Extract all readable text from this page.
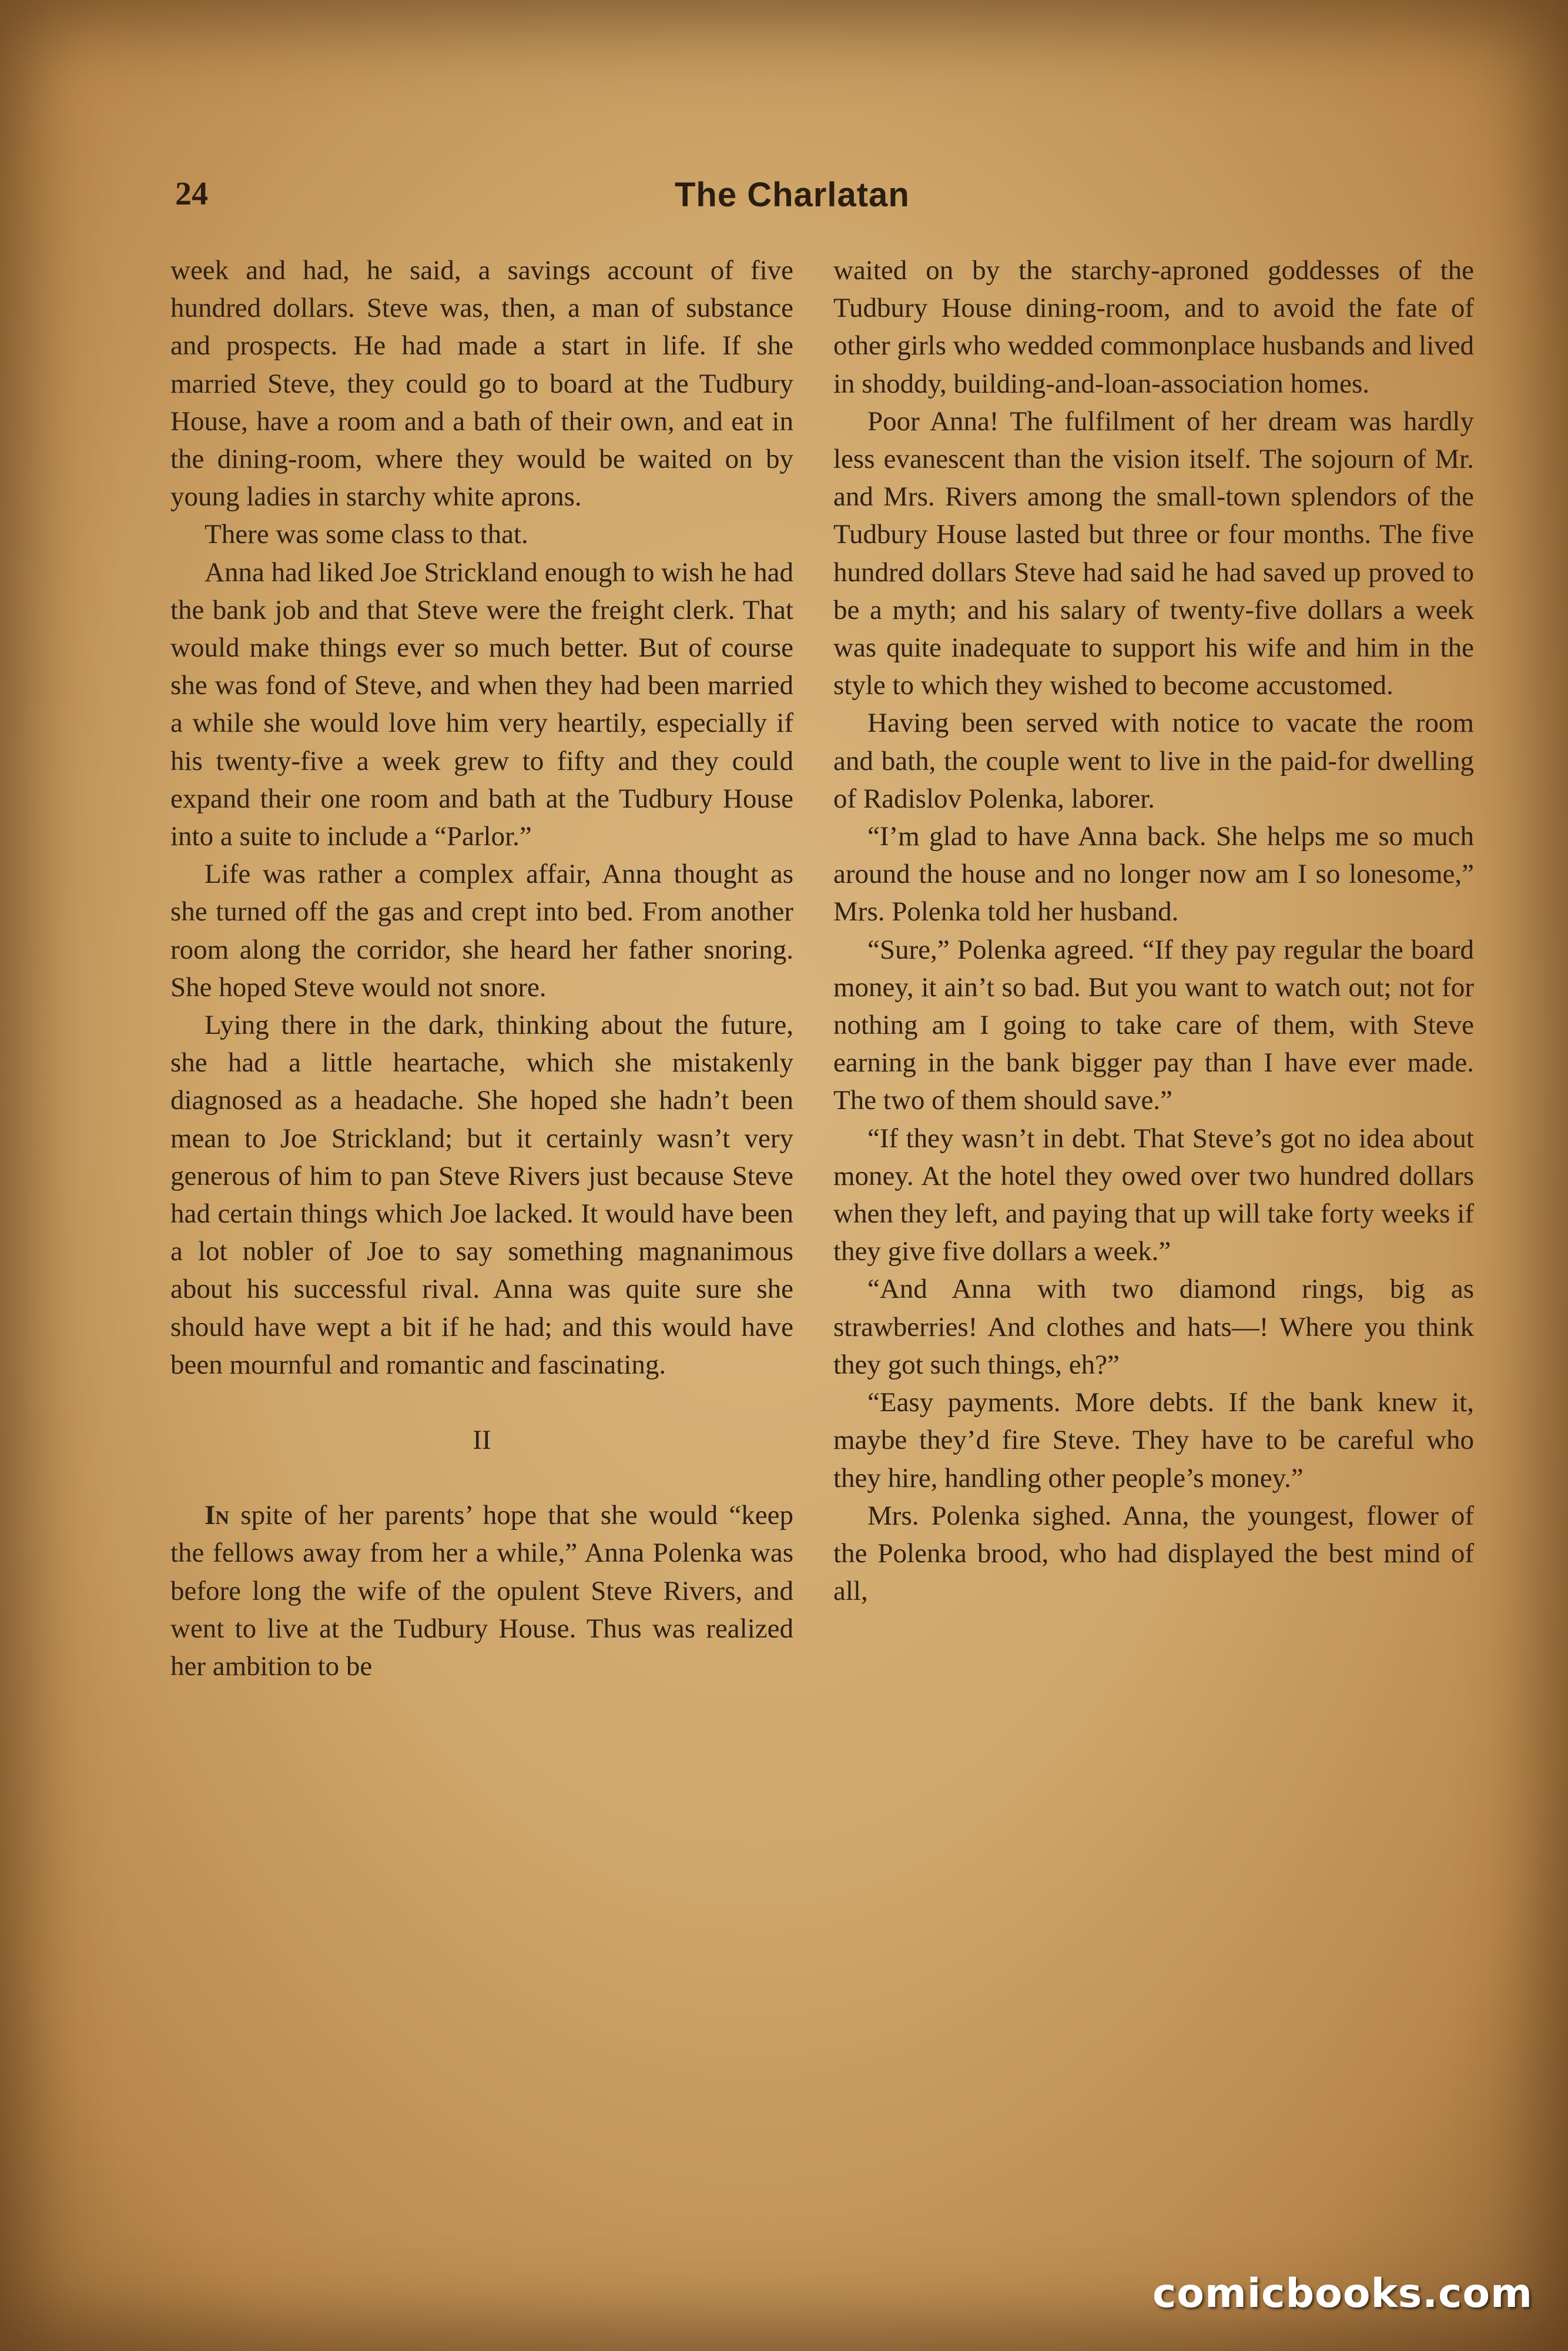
24	The Charlatan

week and had, he said, a savings account of five hundred dollars. Steve was, then, a man of substance and prospects. He had made a start in life. If she married Steve, they could go to board at the Tudbury House, have a room and a bath of their own, and eat in the dining-room, where they would be waited on by young ladies in starchy white aprons.

There was some class to that.

Anna had liked Joe Strickland enough to wish he had the bank job and that Steve were the freight clerk. That would make things ever so much better. But of course she was fond of Steve, and when they had been married a while she would love him very heartily, especially if his twenty-five a week grew to fifty and they could expand their one room and bath at the Tudbury House into a suite to include a “Parlor.”

Life was rather a complex affair, Anna thought as she turned off the gas and crept into bed. From another room along the corridor, she heard her father snoring. She hoped Steve would not snore.

Lying there in the dark, thinking about the future, she had a little heartache, which she mistakenly diagnosed as a headache. She hoped she hadn’t been mean to Joe Strickland; but it certainly wasn’t very generous of him to pan Steve Rivers just because Steve had certain things which Joe lacked. It would have been a lot nobler of Joe to say something magnanimous about his successful rival. Anna was quite sure she should have wept a bit if he had; and this would have been mournful and romantic and fascinating.

II

In spite of her parents’ hope that she would “keep the fellows away from her a while,” Anna Polenka was before long the wife of the opulent Steve Rivers, and went to live at the Tudbury House. Thus was realized her ambition to be

waited on by the starchy-aproned goddesses of the Tudbury House dining-room, and to avoid the fate of other girls who wedded commonplace husbands and lived in shoddy, building-and-loan-association homes.

Poor Anna! The fulfilment of her dream was hardly less evanescent than the vision itself. The sojourn of Mr. and Mrs. Rivers among the small-town splendors of the Tudbury House lasted but three or four months. The five hundred dollars Steve had said he had saved up proved to be a myth; and his salary of twenty-five dollars a week was quite inadequate to support his wife and him in the style to which they wished to become accustomed.

Having been served with notice to vacate the room and bath, the couple went to live in the paid-for dwelling of Radislov Polenka, laborer.

“I’m glad to have Anna back. She helps me so much around the house and no longer now am I so lonesome,” Mrs. Polenka told her husband.

“Sure,” Polenka agreed. “If they pay regular the board money, it ain’t so bad. But you want to watch out; not for nothing am I going to take care of them, with Steve earning in the bank bigger pay than I have ever made. The two of them should save.”

“If they wasn’t in debt. That Steve’s got no idea about money. At the hotel they owed over two hundred dollars when they left, and paying that up will take forty weeks if they give five dollars a week.”

“And Anna with two diamond rings, big as strawberries! And clothes and hats—! Where you think they got such things, eh?”

“Easy payments. More debts. If the bank knew it, maybe they’d fire Steve. They have to be careful who they hire, handling other people’s money.”

Mrs. Polenka sighed. Anna, the youngest, flower of the Polenka brood, who had displayed the best mind of all,

comicbooks.com
